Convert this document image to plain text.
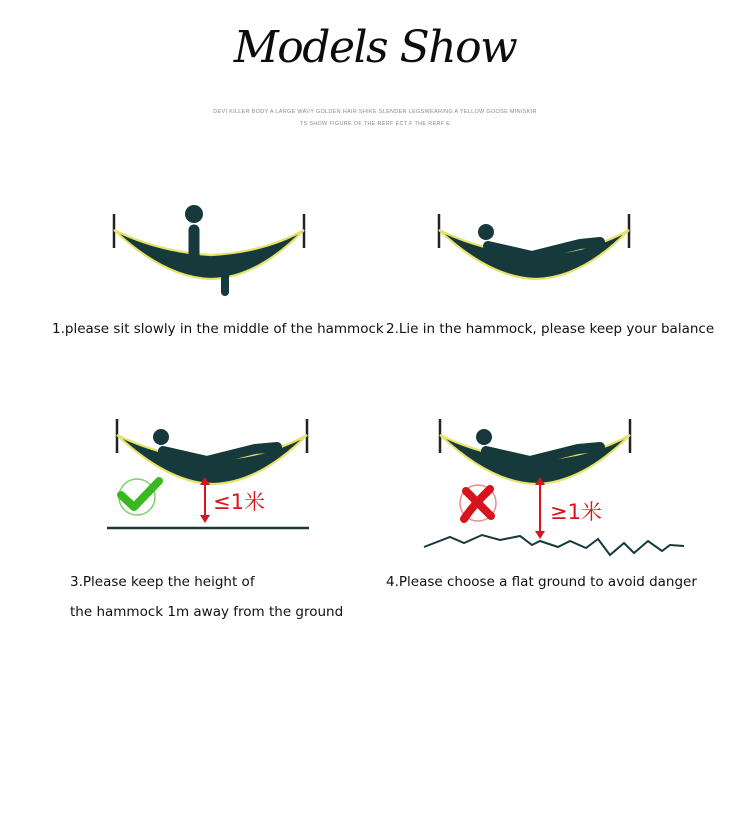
Models Show
DEVI KILLER BODY A LARGE WAVY GOLDEN HAIR SHIKE SLENDER LEGSWEARING A YELLOW GOOSE MINISKIR
TS SHOW FIGURE OF THE RERF ECT F THE RERF E
1.please sit slowly in the middle of the hammock 2.Lie in the hammock, please keep your balance
≤1米
3.Please keep the height of
the hammock 1m away from the ground
≥1米
4.Please choose a flat ground to avoid danger
